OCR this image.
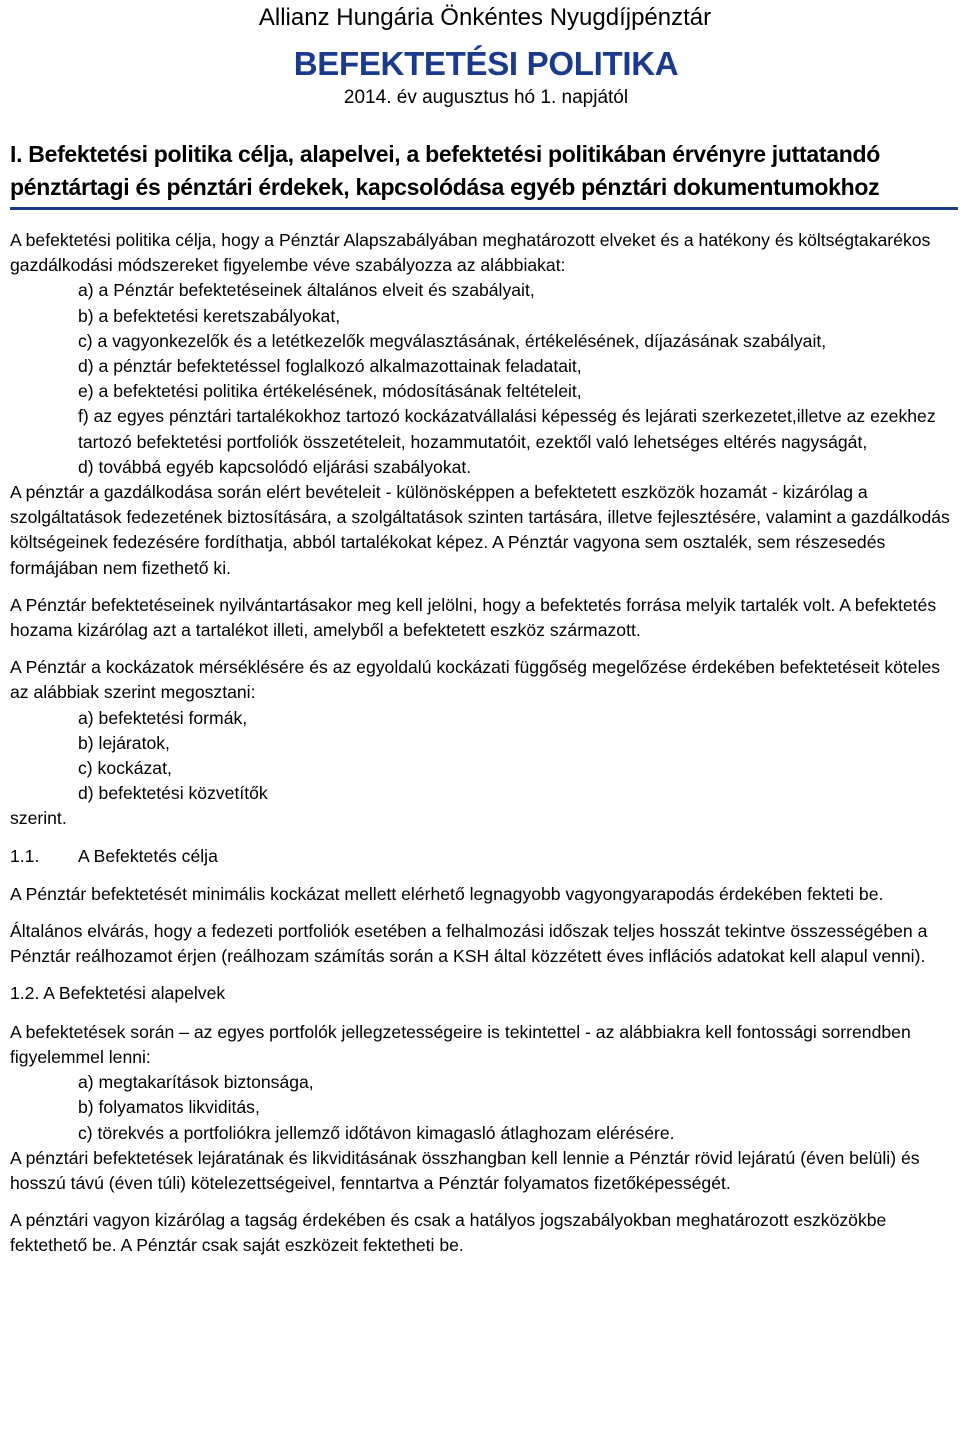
Allianz Hungária Önkéntes Nyugdíjpénztár
BEFEKTETÉSI POLITIKA
2014. év augusztus hó 1. napjától
I. Befektetési politika célja, alapelvei, a befektetési politikában érvényre juttatandó pénztártagi és pénztári érdekek, kapcsolódása egyéb pénztári dokumentumokhoz

A befektetési politika célja, hogy a Pénztár Alapszabályában meghatározott elveket és a hatékony és költségtakarékos gazdálkodási módszereket figyelembe véve szabályozza az alábbiakat:

a) a Pénztár befektetéseinek általános elveit és szabályait,
b) a befektetési keretszabályokat,
c) a vagyonkezelők és a letétkezelők megválasztásának, értékelésének, díjazásának szabályait,
d) a pénztár befektetéssel foglalkozó alkalmazottainak feladatait,
e) a befektetési politika értékelésének, módosításának feltételeit,
f) az egyes pénztári tartalékokhoz tartozó kockázatvállalási képesség és lejárati szerkezetet,illetve az ezekhez tartozó befektetési portfoliók összetételeit, hozammutatóit, ezektől való lehetséges eltérés nagyságát,
d) továbbá egyéb kapcsolódó eljárási szabályokat.

A pénztár a gazdálkodása során elért bevételeit - különösképpen a befektetett eszközök hozamát - kizárólag a szolgáltatások fedezetének biztosítására, a szolgáltatások szinten tartására, illetve fejlesztésére, valamint a gazdálkodás költségeinek fedezésére fordíthatja, abból tartalékokat képez. A Pénztár vagyona sem osztalék, sem részesedés formájában nem fizethető ki.

A Pénztár befektetéseinek nyilvántartásakor meg kell jelölni, hogy a befektetés forrása melyik tartalék volt. A befektetés hozama kizárólag azt a tartalékot illeti, amelyből a befektetett eszköz származott.

A Pénztár a kockázatok mérséklésére és az egyoldalú kockázati függőség megelőzése érdekében befektetéseit köteles az alábbiak szerint megosztani:

a) befektetési formák,
b) lejáratok,
c) kockázat,
d) befektetési közvetítők

szerint.

1.1. A Befektetés célja

A Pénztár befektetését minimális kockázat mellett elérhető legnagyobb vagyongyarapodás érdekében fekteti be.

Általános elvárás, hogy a fedezeti portfoliók esetében a felhalmozási időszak teljes hosszát tekintve összességében a Pénztár reálhozamot érjen (reálhozam számítás során a KSH által közzétett éves inflációs adatokat kell alapul venni).

1.2. A Befektetési alapelvek

A befektetések során – az egyes portfolók jellegzetességeire is tekintettel - az alábbiakra kell fontossági sorrendben figyelemmel lenni:

a) megtakarítások biztonsága,
b) folyamatos likviditás,
c) törekvés a portfoliókra jellemző időtávon kimagasló átlaghozam elérésére.

A pénztári befektetések lejáratának és likviditásának összhangban kell lennie a Pénztár rövid lejáratú (éven belüli) és hosszú távú (éven túli) kötelezettségeivel, fenntartva a Pénztár folyamatos fizetőképességét.

A pénztári vagyon kizárólag a tagság érdekében és csak a hatályos jogszabályokban meghatározott eszközökbe fektethető be. A Pénztár csak saját eszközeit fektetheti be.
